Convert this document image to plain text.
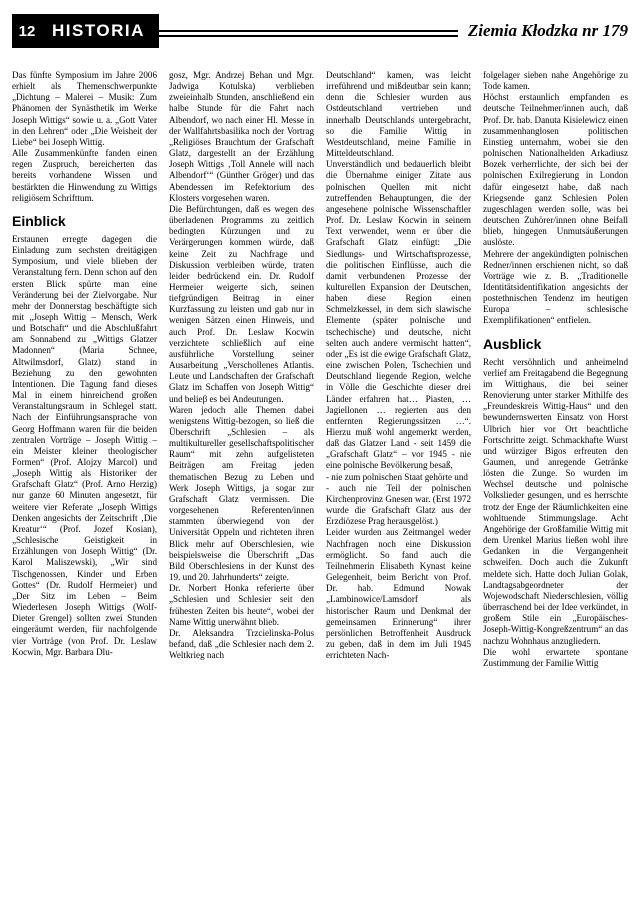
12 HISTORIA	Ziemia Kłodzka nr 179

Das fünfte Symposium im Jahre 2006 erhielt als Themenschwerpunkte „Dichtung – Malerei – Musik: Zum Phänomen der Synästhetik im Werke Joseph Wittigs“ sowie u. a. „Gott Vater in den Lehren“ oder „Die Weisheit der Liebe“ bei Joseph Wittig.

Alle Zusammenkünfte fanden einen regen Zuspruch, bereicherten das bereits vorhandene Wissen und bestärkten die Hinwendung zu Wittigs religiösem Schrifttum.

Einblick

Erstaunen erregte dagegen die Einladung zum sechsten dreitägigen Symposium, und viele blieben der Veranstaltung fern. Denn schon auf den ersten Blick spürte man eine Veränderung bei der Zielvorgabe. Nur mehr der Donnerstag beschäftigte sich mit „Joseph Wittig – Mensch, Werk und Botschaft“ und die Abschlußfahrt am Sonnabend zu „Wittigs Glatzer Madonnen“ (Maria Schnee, Altwilmsdorf, Glatz) stand in Beziehung zu den gewohnten Intentionen. Die Tagung fand dieses Mal in einem hinreichend großen Veranstaltungsraum in Schlegel statt. Nach der Einführungsansprache von Georg Hoffmann waren für die beiden zentralen Vorträge – Joseph Wittig – ein Meister kleiner theologischer Formen“ (Prof. Alojzy Marcol) und „Joseph Wittig als Historiker der Grafschaft Glatz“ (Prof. Arno Herzig) nur ganze 60 Minuten angesetzt, für weitere vier Referate „Joseph Wittigs Denken angesichts der Zeitschrift ‚Die Kreatur‘“ (Prof. Jozef Kosian), „Schlesische Geistigkeit in Erzählungen von Joseph Wittig“ (Dr. Karol Maliszewski), „Wir sind Tischgenossen, Kinder und Erben Gottes“ (Dr. Rudolf Hermeier) und „Der Sitz im Leben – Beim Wiederlesen Joseph Wittigs (Wolf-Dieter Grengel) sollten zwei Stunden eingeräumt werden, für nachfolgende vier Vorträge (von Prof. Dr. Leslaw Kocwin, Mgr. Barbara Dlu-

gosz, Mgr. Andrzej Behan und Mgr. Jadwiga Kotulska) verblieben zweieinhalb Stunden, anschließend ein halbe Stunde für die Fahrt nach Albendorf, wo nach einer Hl. Messe in der Wallfahrtsbasilika noch der Vortrag „Religiöses Brauchtum der Grafschaft Glatz, dargestellt an der Erzählung Joseph Wittigs ‚Toll Annele will nach Albendorf‘“ (Günther Gröger) und das Abendessen im Refektorium des Klosters vorgesehen waren.

Die Befürchtungen, daß es wegen des überladenen Programms zu zeitlich bedingten Kürzungen und zu Verärgerungen kommen würde, daß keine Zeit zu Nachfrage und Diskussion verbleiben würde, traten leider bedrückend ein. Dr. Rudolf Hermeier weigerte sich, seinen tiefgründigen Beitrag in einer Kurzfassung zu leisten und gab nur in wenigen Sätzen einen Hinweis, und auch Prof. Dr. Leslaw Kocwin verzichtete schließlich auf eine ausführliche Vorstellung seiner Ausarbeitung „Verschollenes Atlantis. Leute und Landschaften der Grafschaft Glatz im Schaffen von Joseph Wittig“ und belieβ es bei Andeutungen.

Waren jedoch alle Themen dabei wenigstens Wittig-bezogen, so ließ die Überschrift „Schlesien – als multikultureller gesellschaftspolitischer Raum“ mit zehn aufgelisteten Beiträgen am Freitag jeden thematischen Bezug zu Leben und Werk Joseph Wittigs, ja sogar zur Grafschaft Glatz vermissen. Die vorgesehenen Referenten/innen stammten überwiegend von der Universität Oppeln und richteten ihren Blick mehr auf Oberschlesien, wie beispielsweise die Überschrift „Das Bild Oberschlesiens in der Kunst des 19. und 20. Jahrhunderts“ zeigte.

Dr. Norbert Honka referierte über „Schlesien und Schlesier seit den frühesten Zeiten bis heute“, wobei der Name Wittig unerwähnt blieb.

Dr. Aleksandra Trzcielinska-Polus befand, daß „die Schlesier nach dem 2. Weltkrieg nach

Deutschland“ kamen, was leicht irreführend und mißdeutbar sein kann; denn die Schlesier wurden aus Ostdeutschland vertrieben und innerhalb Deutschlands untergebracht, so die Familie Wittig in Westdeutschland, meine Familie in Mitteldeutschland.

Unverständlich und bedauerlich bleibt die Übernahme einiger Zitate aus polnischen Quellen mit nicht zutreffenden Behauptungen, die der angesehene polnische Wissenschaftler Prof. Dr. Leslaw Kocwin in seinem Text verwendet, wenn er über die Grafschaft Glatz einfügt: „Die Siedlungs- und Wirtschaftsprozesse, die politischen Einflüsse, auch die damit verbundenen Prozesse der kulturellen Expansion der Deutschen, haben diese Region einen Schmelzkessel, in dem sich slawische Elemente (später polnische und tschechische) und deutsche, nicht selten auch andere vermischt hatten“, oder „Es ist die ewige Grafschaft Glatz, eine zwischen Polen, Tschechien und Deutschland liegende Region, welche in Völle die Geschichte dieser drei Länder erfahren hat… Piasten, … Jagiellonen … regierten aus den entfernten Regierungssitzen …“. Hierzu muß wohl angemerkt werden, daß das Glatzer Land - seit 1459 die „Grafschaft Glatz“ – vor 1945 - nie eine polnische Bevölkerung besaß,

- nie zum polnischen Staat gehörte und

- auch nie Teil der polnischen Kirchenprovinz Gnesen war. (Erst 1972 wurde die Grafschaft Glatz aus der Erzdiözese Prag herausgelöst.)

Leider wurden aus Zeitmangel weder Nachfragen noch eine Diskussion ermöglicht. So fand auch die Teilnehmerin Elisabeth Kynast keine Gelegenheit, beim Bericht von Prof. Dr. hab. Edmund Nowak „Lambinowice/Lamsdorf als historischer Raum und Denkmal der gemeinsamen Erinnerung“ ihrer persönlichen Betroffenheit Ausdruck zu geben, daß in dem im Juli 1945 errichteten Nach-

folgelager sieben nahe Angehörige zu Tode kamen.

Höchst erstaunlich empfanden es deutsche Teilnehmer/innen auch, daß Prof. Dr. hab. Danuta Kisielewicz einen zusammenhanglosen politischen Einstieg unternahm, wobei sie den polnischen Nationalhelden Arkadiusz Bozek verherrlichte, der sich bei der polnischen Exilregierung in London dafür eingesetzt habe, daß nach Kriegsende ganz Schlesien Polen zugeschlagen werden solle, was bei deutschen Zuhörer/innen ohne Beifall blieb, hingegen Unmutsäußerungen auslöste.

Mehrere der angekündigten polnischen Redner/innen erschienen nicht, so daß Vorträge wie z. B. „Traditionelle Identitätsidentifikation angesichts der postethnischen Tendenz im heutigen Europa – schlesische Exemplifikationen“ entfielen.

Ausblick

Recht versöhnlich und anheimelnd verlief am Freitagabend die Begegnung im Wittighaus, die bei seiner Renovierung unter starker Mithilfe des „Freundeskreis Wittig-Haus“ und den bewundernswerten Einsatz von Horst Ulbrich hier vor Ort beachtliche Fortschritte zeigt. Schmackhafte Wurst und würziger Bigos erfreuten den Gaumen, und anregende Getränke lösten die Zunge. So wurden im Wechsel deutsche und polnische Volkslieder gesungen, und es herrschte trotz der Enge der Räumlichkeiten eine wohltuende Stimmungslage. Acht Angehörige der Großfamilie Wittig mit dem Urenkel Marius ließen wohl ihre Gedanken in die Vergangenheit schweifen. Doch auch die Zukunft meldete sich. Hatte doch Julian Golak, Landtagsabgeordneter der Wojewodschaft Niederschlesien, völlig überraschend bei der Idee verkündet, in großem Stile ein „Europäisches-Joseph-Wittig-Kongreßzentrum“ an das nachzu Wohnhaus anzugliedern.

Die wohl erwartete spontane Zustimmung der Familie Wittig
